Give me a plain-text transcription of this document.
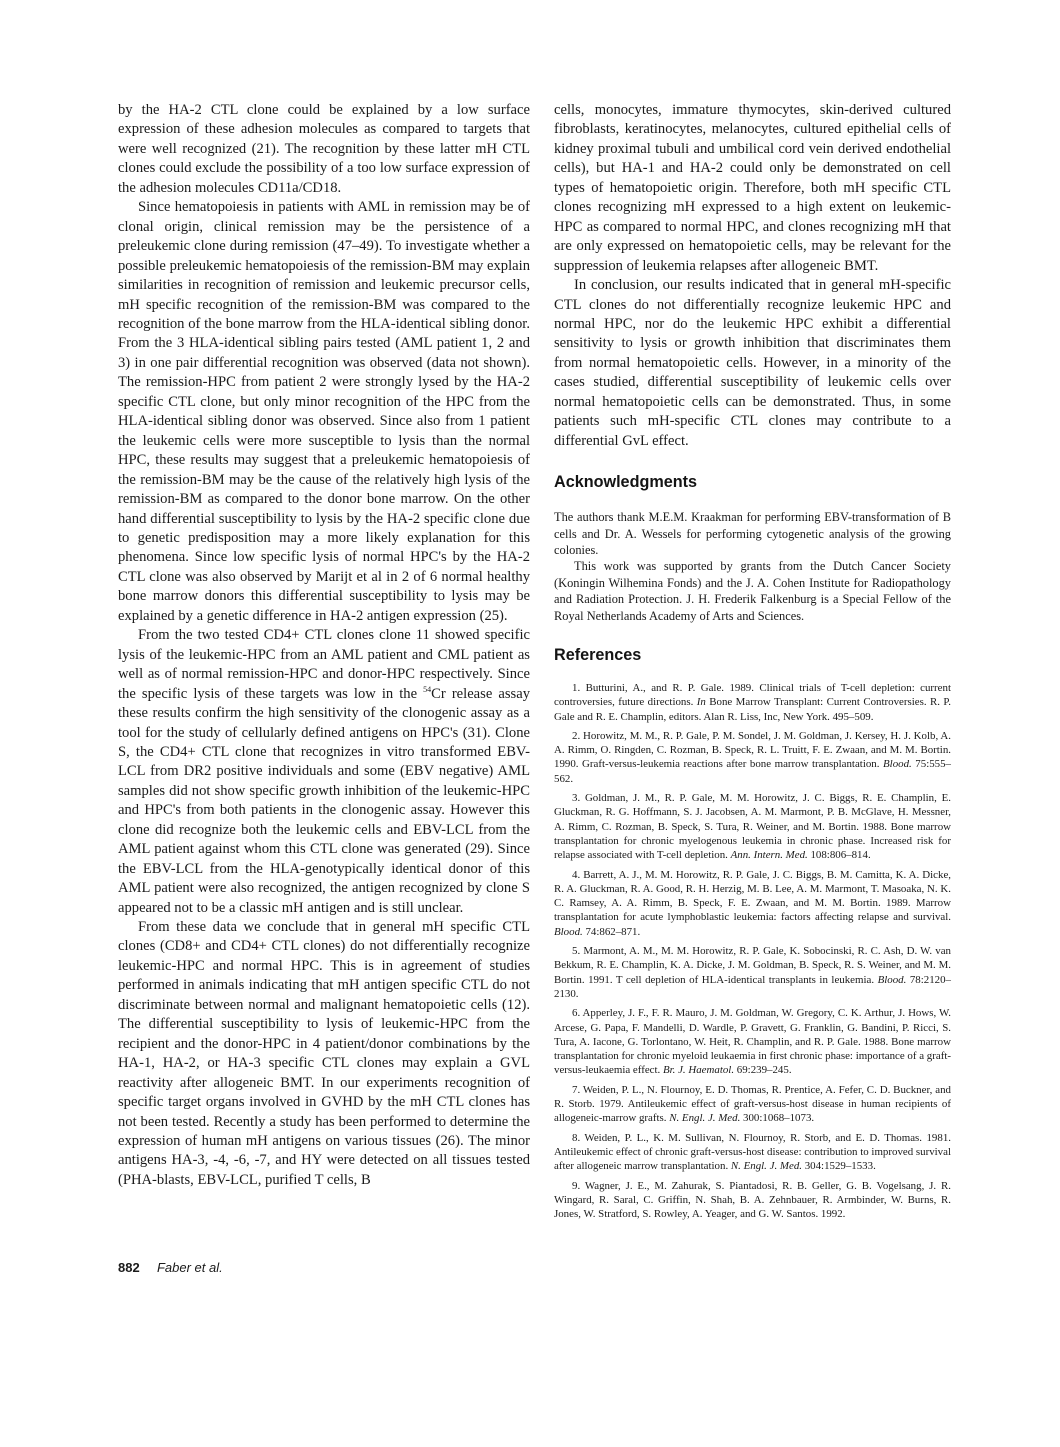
by the HA-2 CTL clone could be explained by a low surface expression of these adhesion molecules as compared to targets that were well recognized (21). The recognition by these latter mH CTL clones could exclude the possibility of a too low surface expression of the adhesion molecules CD11a/CD18.

Since hematopoiesis in patients with AML in remission may be of clonal origin, clinical remission may be the persistence of a preleukemic clone during remission (47–49). To investigate whether a possible preleukemic hematopoiesis of the remission-BM may explain similarities in recognition of remission and leukemic precursor cells, mH specific recognition of the remission-BM was compared to the recognition of the bone marrow from the HLA-identical sibling donor. From the 3 HLA-identical sibling pairs tested (AML patient 1, 2 and 3) in one pair differential recognition was observed (data not shown). The remission-HPC from patient 2 were strongly lysed by the HA-2 specific CTL clone, but only minor recognition of the HPC from the HLA-identical sibling donor was observed. Since also from 1 patient the leukemic cells were more susceptible to lysis than the normal HPC, these results may suggest that a preleukemic hematopoiesis of the remission-BM may be the cause of the relatively high lysis of the remission-BM as compared to the donor bone marrow. On the other hand differential susceptibility to lysis by the HA-2 specific clone due to genetic predisposition may a more likely explanation for this phenomena. Since low specific lysis of normal HPC's by the HA-2 CTL clone was also observed by Marijt et al in 2 of 6 normal healthy bone marrow donors this differential susceptibility to lysis may be explained by a genetic difference in HA-2 antigen expression (25).

From the two tested CD4+ CTL clones clone 11 showed specific lysis of the leukemic-HPC from an AML patient and CML patient as well as of normal remission-HPC and donor-HPC respectively. Since the specific lysis of these targets was low in the $^{54}$Cr release assay these results confirm the high sensitivity of the clonogenic assay as a tool for the study of cellularly defined antigens on HPC's (31). Clone S, the CD4+ CTL clone that recognizes in vitro transformed EBV-LCL from DR2 positive individuals and some (EBV negative) AML samples did not show specific growth inhibition of the leukemic-HPC and HPC's from both patients in the clonogenic assay. However this clone did recognize both the leukemic cells and EBV-LCL from the AML patient against whom this CTL clone was generated (29). Since the EBV-LCL from the HLA-genotypically identical donor of this AML patient were also recognized, the antigen recognized by clone S appeared not to be a classic mH antigen and is still unclear.

From these data we conclude that in general mH specific CTL clones (CD8+ and CD4+ CTL clones) do not differentially recognize leukemic-HPC and normal HPC. This is in agreement of studies performed in animals indicating that mH antigen specific CTL do not discriminate between normal and malignant hematopoietic cells (12). The differential susceptibility to lysis of leukemic-HPC from the recipient and the donor-HPC in 4 patient/donor combinations by the HA-1, HA-2, or HA-3 specific CTL clones may explain a GVL reactivity after allogeneic BMT. In our experiments recognition of specific target organs involved in GVHD by the mH CTL clones has not been tested. Recently a study has been performed to determine the expression of human mH antigens on various tissues (26). The minor antigens HA-3, -4, -6, -7, and HY were detected on all tissues tested (PHA-blasts, EBV-LCL, purified T cells, B

cells, monocytes, immature thymocytes, skin-derived cultured fibroblasts, keratinocytes, melanocytes, cultured epithelial cells of kidney proximal tubuli and umbilical cord vein derived endothelial cells), but HA-1 and HA-2 could only be demonstrated on cell types of hematopoietic origin. Therefore, both mH specific CTL clones recognizing mH expressed to a high extent on leukemic-HPC as compared to normal HPC, and clones recognizing mH that are only expressed on hematopoietic cells, may be relevant for the suppression of leukemia relapses after allogeneic BMT.

In conclusion, our results indicated that in general mH-specific CTL clones do not differentially recognize leukemic HPC and normal HPC, nor do the leukemic HPC exhibit a differential sensitivity to lysis or growth inhibition that discriminates them from normal hematopoietic cells. However, in a minority of the cases studied, differential susceptibility of leukemic cells over normal hematopoietic cells can be demonstrated. Thus, in some patients such mH-specific CTL clones may contribute to a differential GvL effect.

Acknowledgments

The authors thank M.E.M. Kraakman for performing EBV-transformation of B cells and Dr. A. Wessels for performing cytogenetic analysis of the growing colonies.

This work was supported by grants from the Dutch Cancer Society (Koningin Wilhemina Fonds) and the J. A. Cohen Institute for Radiopathology and Radiation Protection. J. H. Frederik Falkenburg is a Special Fellow of the Royal Netherlands Academy of Arts and Sciences.

References

1. Butturini, A., and R. P. Gale. 1989. Clinical trials of T-cell depletion: current controversies, future directions. In Bone Marrow Transplant: Current Controversies. R. P. Gale and R. E. Champlin, editors. Alan R. Liss, Inc, New York. 495–509.

2. Horowitz, M. M., R. P. Gale, P. M. Sondel, J. M. Goldman, J. Kersey, H. J. Kolb, A. A. Rimm, O. Ringden, C. Rozman, B. Speck, R. L. Truitt, F. E. Zwaan, and M. M. Bortin. 1990. Graft-versus-leukemia reactions after bone marrow transplantation. Blood. 75:555–562.

3. Goldman, J. M., R. P. Gale, M. M. Horowitz, J. C. Biggs, R. E. Champlin, E. Gluckman, R. G. Hoffmann, S. J. Jacobsen, A. M. Marmont, P. B. McGlave, H. Messner, A. Rimm, C. Rozman, B. Speck, S. Tura, R. Weiner, and M. Bortin. 1988. Bone marrow transplantation for chronic myelogenous leukemia in chronic phase. Increased risk for relapse associated with T-cell depletion. Ann. Intern. Med. 108:806–814.

4. Barrett, A. J., M. M. Horowitz, R. P. Gale, J. C. Biggs, B. M. Camitta, K. A. Dicke, R. A. Gluckman, R. A. Good, R. H. Herzig, M. B. Lee, A. M. Marmont, T. Masoaka, N. K. C. Ramsey, A. A. Rimm, B. Speck, F. E. Zwaan, and M. M. Bortin. 1989. Marrow transplantation for acute lymphoblastic leukemia: factors affecting relapse and survival. Blood. 74:862–871.

5. Marmont, A. M., M. M. Horowitz, R. P. Gale, K. Sobocinski, R. C. Ash, D. W. van Bekkum, R. E. Champlin, K. A. Dicke, J. M. Goldman, B. Speck, R. S. Weiner, and M. M. Bortin. 1991. T cell depletion of HLA-identical transplants in leukemia. Blood. 78:2120–2130.

6. Apperley, J. F., F. R. Mauro, J. M. Goldman, W. Gregory, C. K. Arthur, J. Hows, W. Arcese, G. Papa, F. Mandelli, D. Wardle, P. Gravett, G. Franklin, G. Bandini, P. Ricci, S. Tura, A. Iacone, G. Torlontano, W. Heit, R. Champlin, and R. P. Gale. 1988. Bone marrow transplantation for chronic myeloid leukaemia in first chronic phase: importance of a graft-versus-leukaemia effect. Br. J. Haematol. 69:239–245.

7. Weiden, P. L., N. Flournoy, E. D. Thomas, R. Prentice, A. Fefer, C. D. Buckner, and R. Storb. 1979. Antileukemic effect of graft-versus-host disease in human recipients of allogeneic-marrow grafts. N. Engl. J. Med. 300:1068–1073.

8. Weiden, P. L., K. M. Sullivan, N. Flournoy, R. Storb, and E. D. Thomas. 1981. Antileukemic effect of chronic graft-versus-host disease: contribution to improved survival after allogeneic marrow transplantation. N. Engl. J. Med. 304:1529–1533.

9. Wagner, J. E., M. Zahurak, S. Piantadosi, R. B. Geller, G. B. Vogelsang, J. R. Wingard, R. Saral, C. Griffin, N. Shah, B. A. Zehnbauer, R. Armbinder, W. Burns, R. Jones, W. Stratford, S. Rowley, A. Yeager, and G. W. Santos. 1992.

882 Faber et al.
